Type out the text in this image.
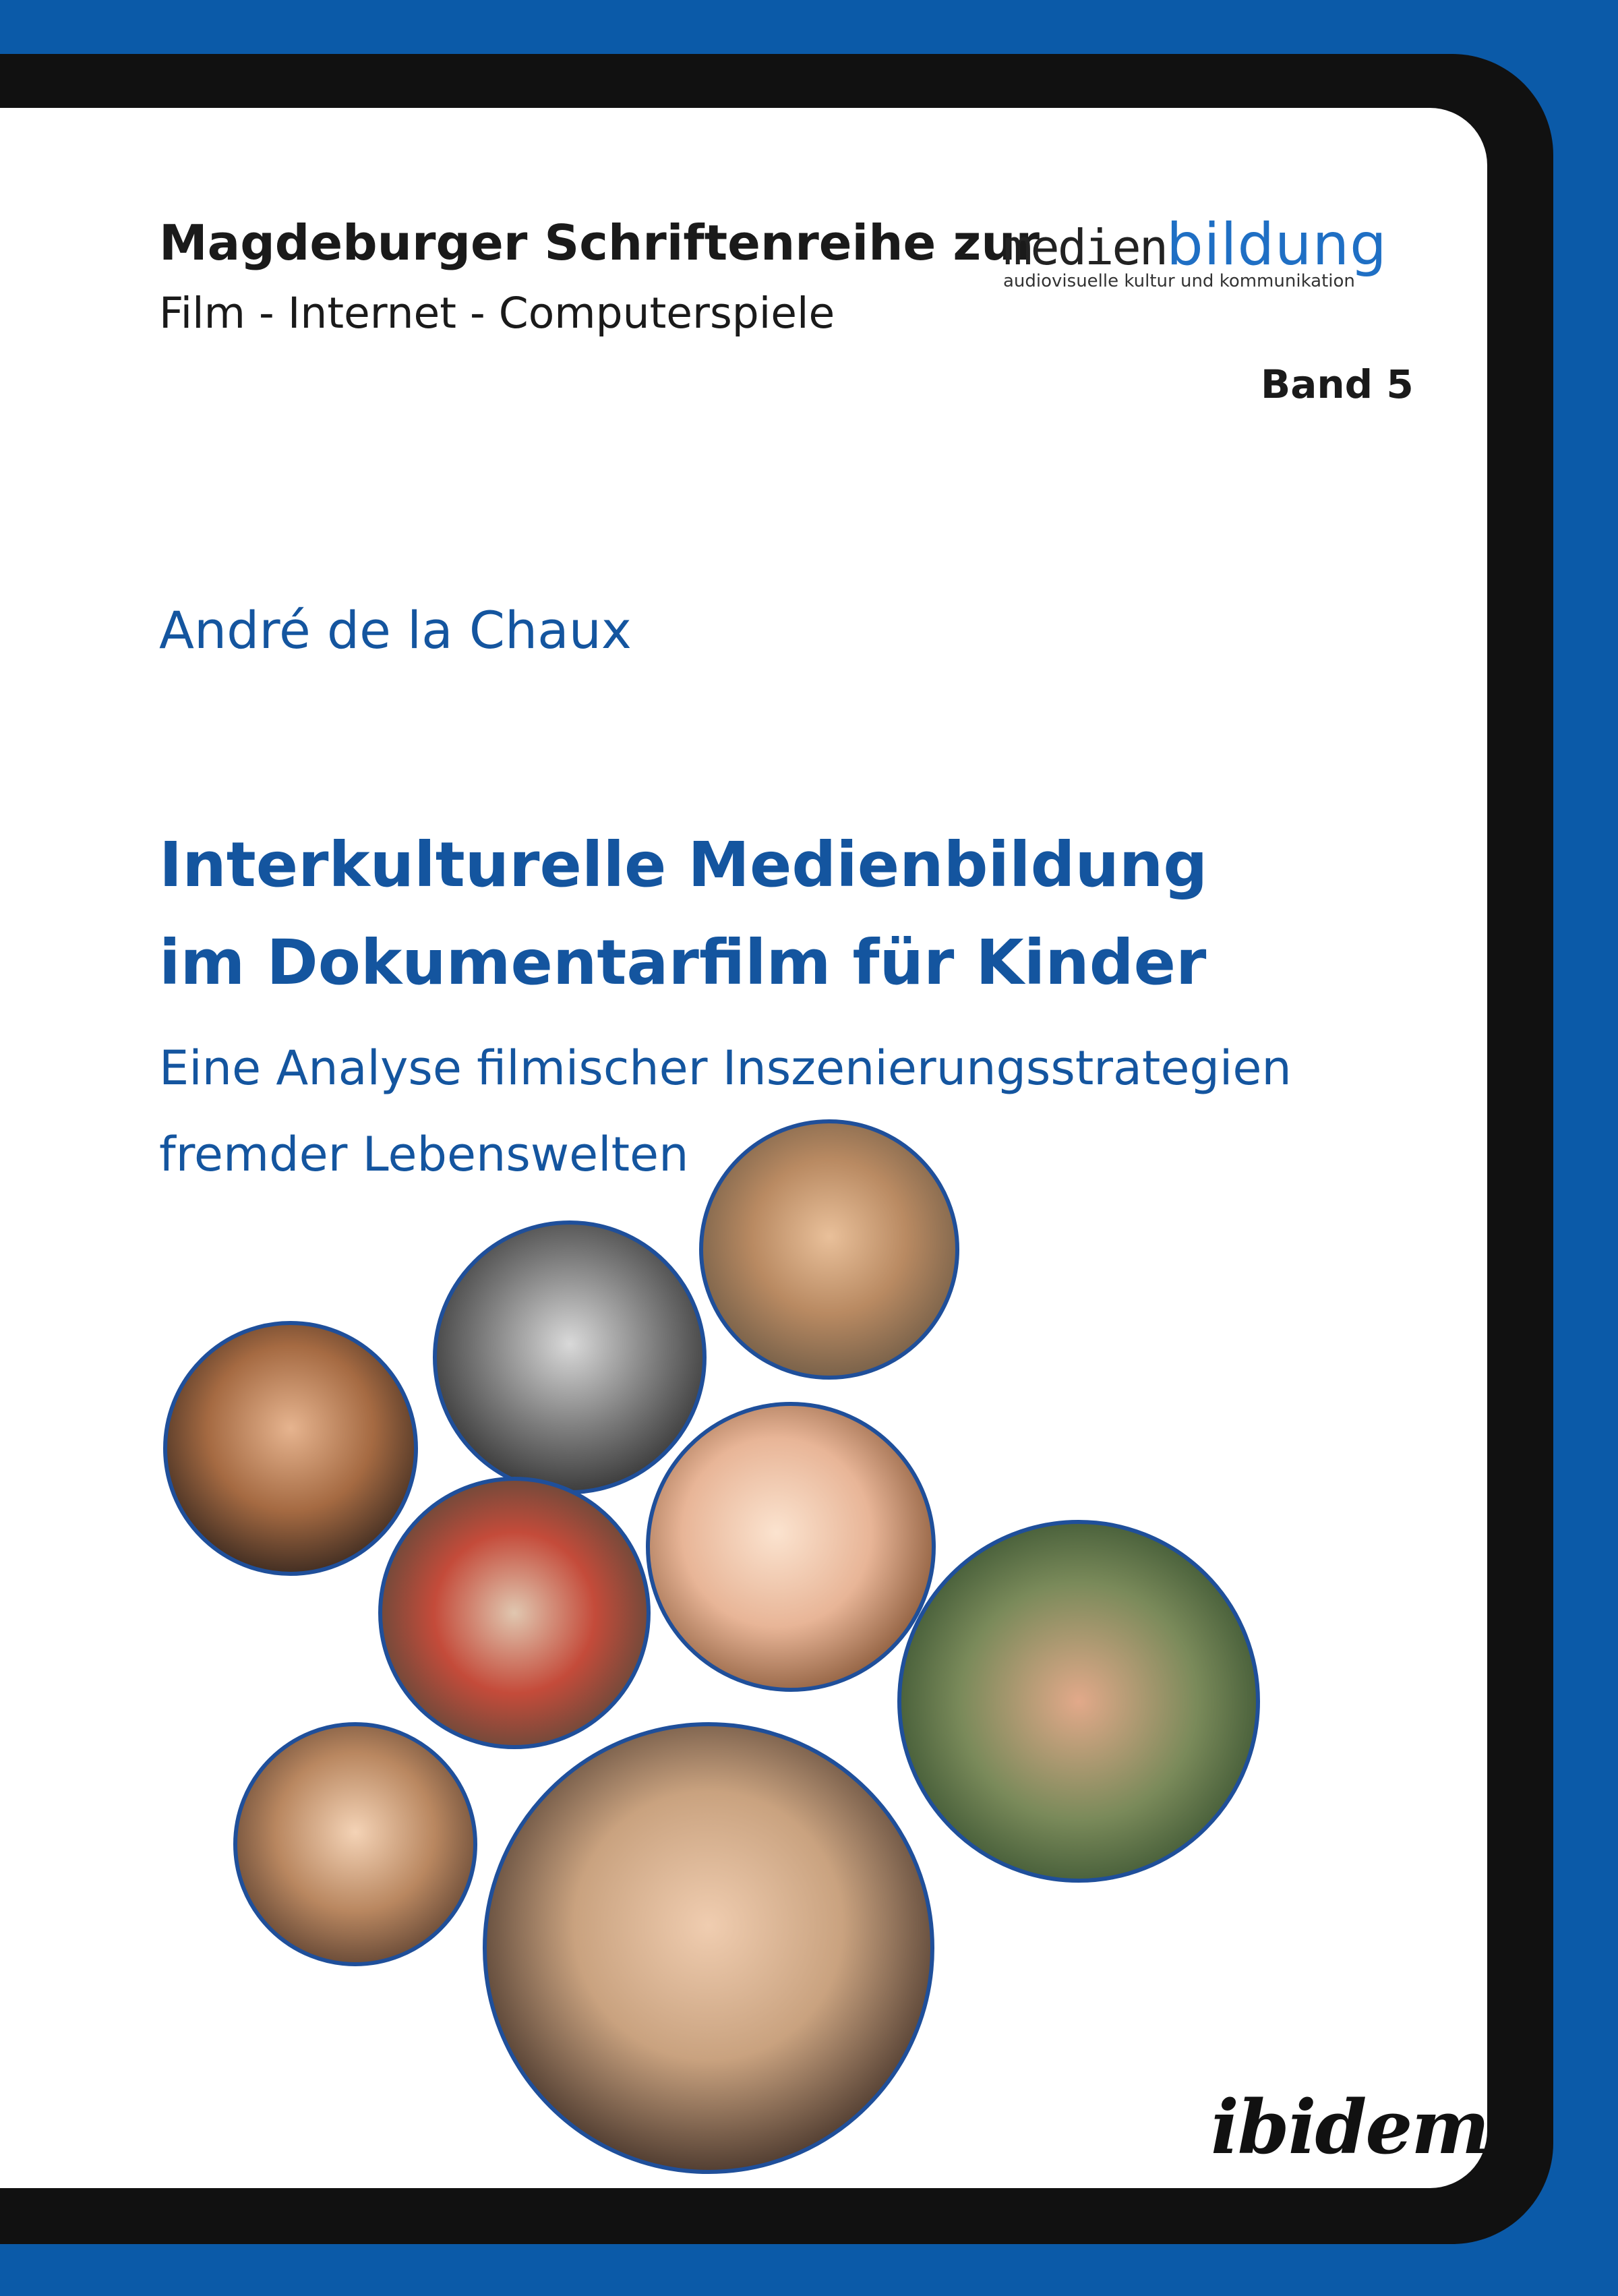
Magdeburger Schriftenreihe zur
Film - Internet - Computerspiele
medienbildung
audiovisuelle kultur und kommunikation
Band 5
André de la Chaux
Interkulturelle Medienbildung
im Dokumentarfilm für Kinder
Eine Analyse filmischer Inszenierungsstrategien
fremder Lebenswelten
ibidem
